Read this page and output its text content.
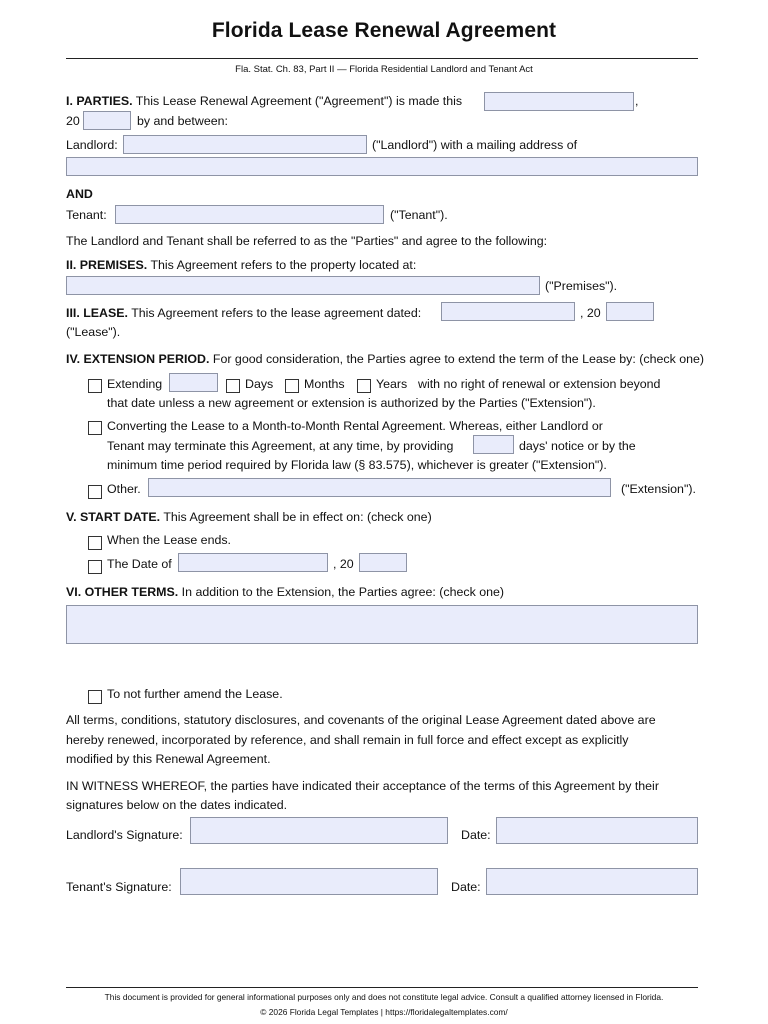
Florida Lease Renewal Agreement
Fla. Stat. Ch. 83, Part II — Florida Residential Landlord and Tenant Act
I. PARTIES. This Lease Renewal Agreement ("Agreement") is made this	,
20	by and between:
Landlord:	("Landlord") with a mailing address of
AND
Tenant:	("Tenant").
The Landlord and Tenant shall be referred to as the "Parties" and agree to the following:
II. PREMISES. This Agreement refers to the property located at:
("Premises").
III. LEASE. This Agreement refers to the lease agreement dated:	, 20
("Lease").
IV. EXTENSION PERIOD. For good consideration, the Parties agree to extend the term of the Lease by: (check one)
Extending	Days Months	Years with no right of renewal or extension beyond
that date unless a new agreement or extension is authorized by the Parties ("Extension").
Converting the Lease to a Month-to-Month Rental Agreement. Whereas, either Landlord or
Tenant may terminate this Agreement, at any time, by providing	days' notice or by the
minimum time period required by Florida law (§ 83.575), whichever is greater ("Extension").
Other.	("Extension").
V. START DATE. This Agreement shall be in effect on: (check one)
When the Lease ends.
The Date of	, 20
VI. OTHER TERMS. In addition to the Extension, the Parties agree: (check one)
To not further amend the Lease.
All terms, conditions, statutory disclosures, and covenants of the original Lease Agreement dated above are
hereby renewed, incorporated by reference, and shall remain in full force and effect except as explicitly
modified by this Renewal Agreement.
IN WITNESS WHEREOF, the parties have indicated their acceptance of the terms of this Agreement by their
signatures below on the dates indicated.
Landlord's Signature:	Date:
Tenant's Signature:	Date:
This document is provided for general informational purposes only and does not constitute legal advice. Consult a qualified attorney licensed in Florida.
© 2026 Florida Legal Templates | https://floridalegaltemplates.com/
